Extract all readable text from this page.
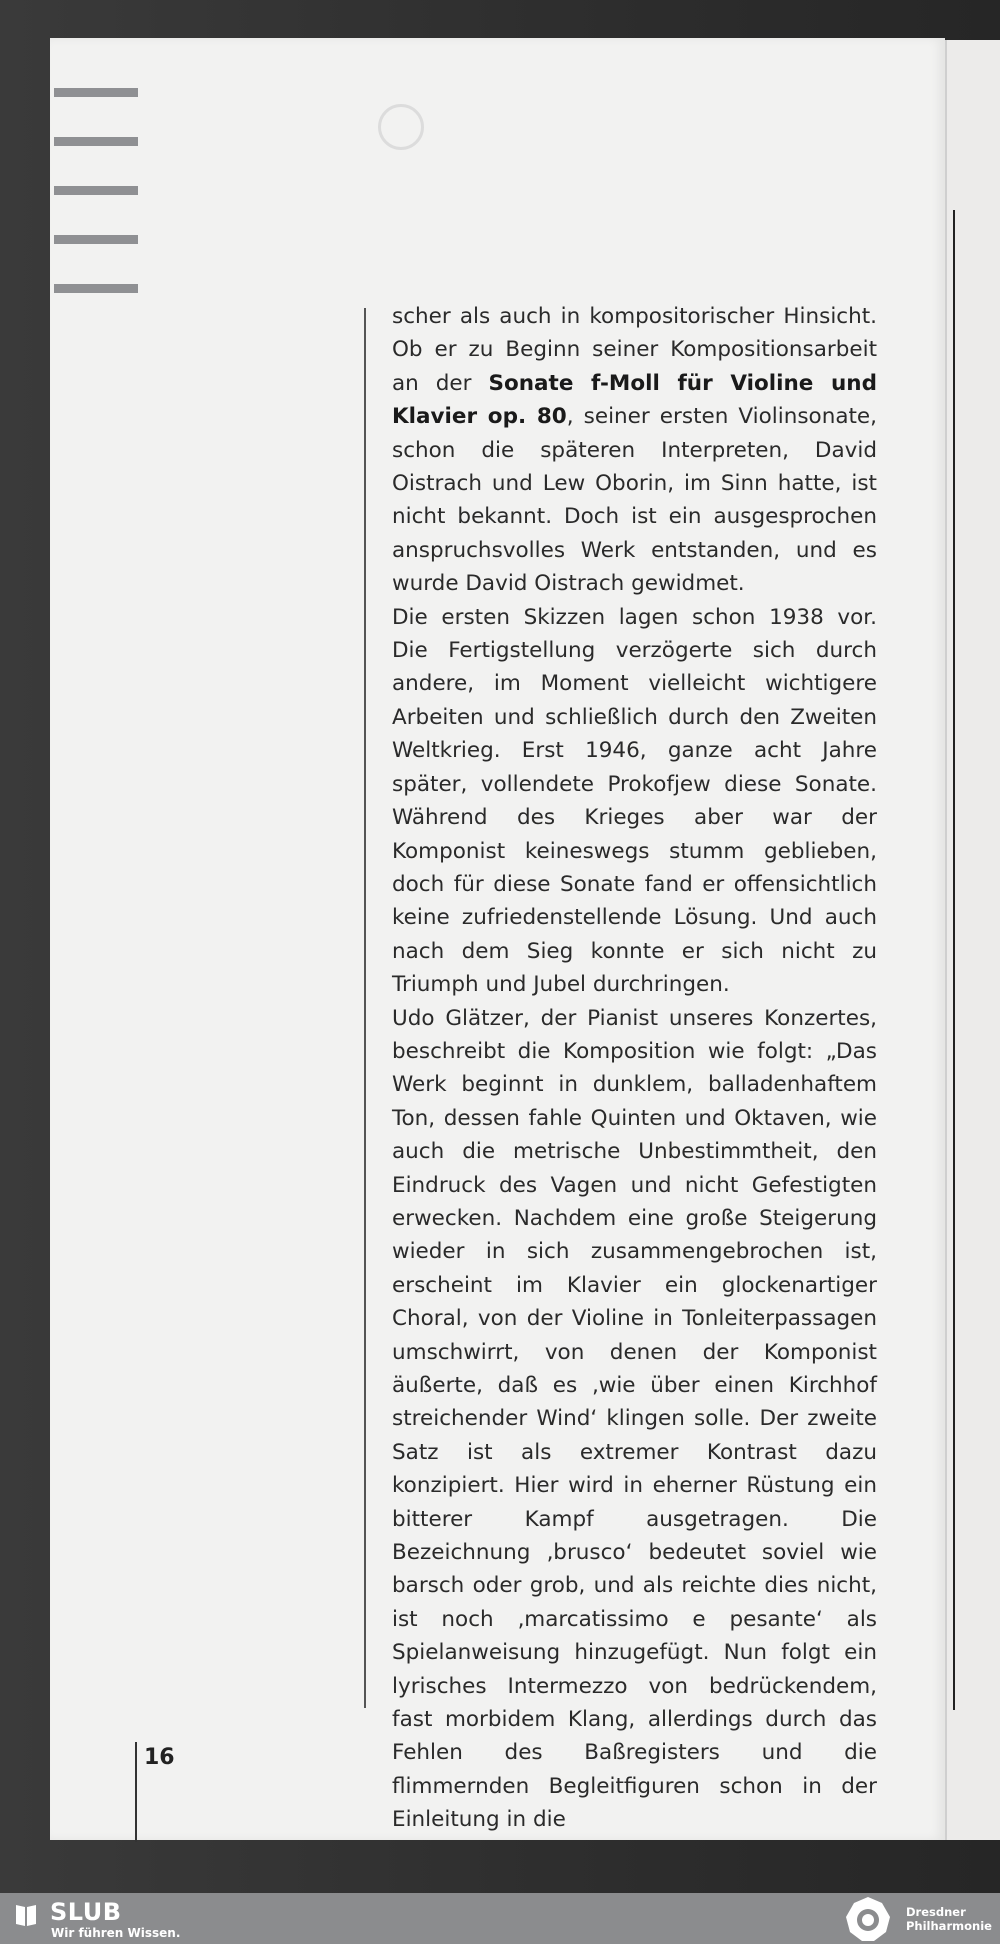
scher als auch in kompositorischer Hinsicht. Ob er zu Beginn seiner Kompositionsarbeit an der Sonate f-Moll für Violine und Klavier op. 80, seiner ersten Violinsonate, schon die späteren Interpreten, David Oistrach und Lew Oborin, im Sinn hatte, ist nicht bekannt. Doch ist ein ausgesprochen anspruchsvolles Werk entstanden, und es wurde David Oistrach gewidmet.

Die ersten Skizzen lagen schon 1938 vor. Die Fertigstellung verzögerte sich durch andere, im Moment vielleicht wichtigere Arbeiten und schließlich durch den Zweiten Weltkrieg. Erst 1946, ganze acht Jahre später, vollendete Prokofjew diese Sonate. Während des Krieges aber war der Komponist keineswegs stumm geblieben, doch für diese Sonate fand er offensichtlich keine zufriedenstellende Lösung. Und auch nach dem Sieg konnte er sich nicht zu Triumph und Jubel durchringen.

Udo Glätzer, der Pianist unseres Konzertes, beschreibt die Komposition wie folgt: „Das Werk beginnt in dunklem, balladenhaftem Ton, dessen fahle Quinten und Oktaven, wie auch die metrische Unbestimmtheit, den Eindruck des Vagen und nicht Gefestigten erwecken. Nachdem eine große Steigerung wieder in sich zusammengebrochen ist, erscheint im Klavier ein glockenartiger Choral, von der Violine in Tonleiterpassagen umschwirrt, von denen der Komponist äußerte, daß es ‚wie über einen Kirchhof streichender Wind‘ klingen solle. Der zweite Satz ist als extremer Kontrast dazu konzipiert. Hier wird in eherner Rüstung ein bitterer Kampf ausgetragen. Die Bezeichnung ‚brusco‘ bedeutet soviel wie barsch oder grob, und als reichte dies nicht, ist noch ‚marcatissimo e pesante‘ als Spielanweisung hinzugefügt. Nun folgt ein lyrisches Intermezzo von bedrückendem, fast morbidem Klang, allerdings durch das Fehlen des Baßregisters und die flimmernden Begleitfiguren schon in der Einleitung in die

16
SLUB
Wir führen Wissen.
Dresdner
Philharmonie
